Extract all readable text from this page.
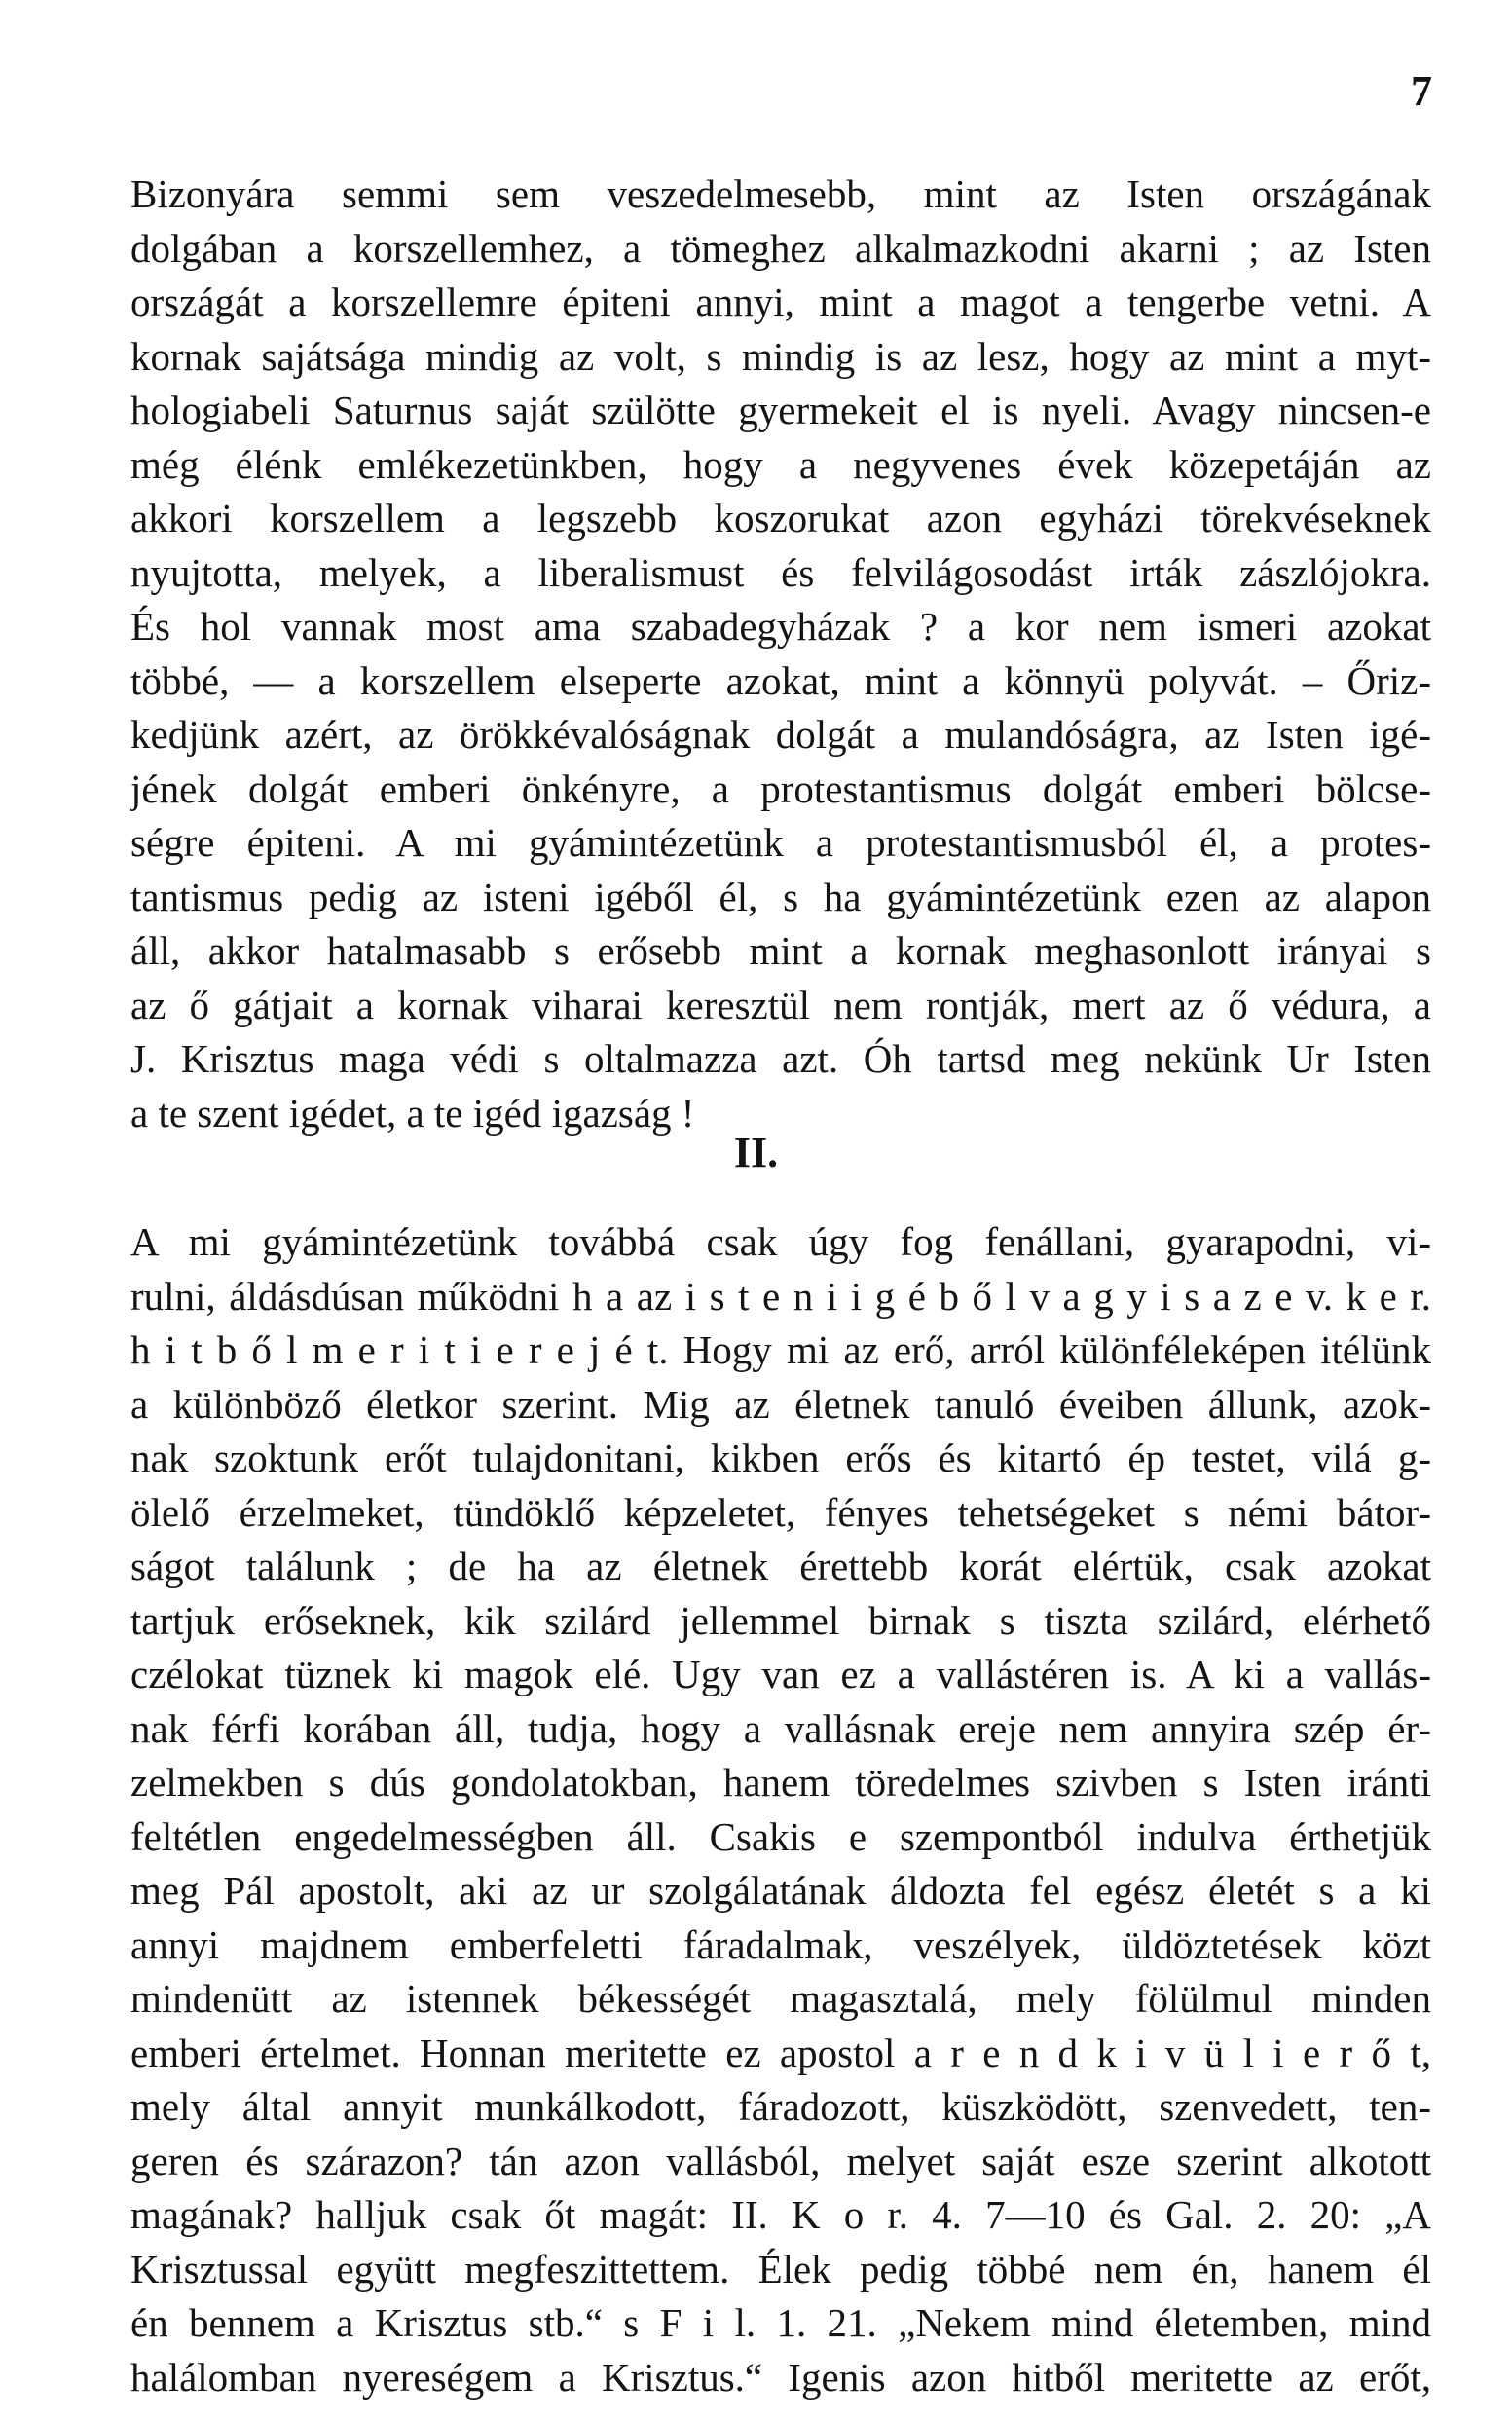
7
Bizonyára semmi sem veszedelmesebb, mint az Isten országának
dolgában a korszellemhez, a tömeghez alkalmazkodni akarni ; az Isten
országát a korszellemre épiteni annyi, mint a magot a tengerbe vetni. A
kornak sajátsága mindig az volt, s mindig is az lesz, hogy az mint a myt-
hologiabeli Saturnus saját szülötte gyermekeit el is nyeli. Avagy nincsen-e
még élénk emlékezetünkben, hogy a negyvenes évek közepetáján az
akkori korszellem a legszebb koszorukat azon egyházi törekvéseknek
nyujtotta, melyek, a liberalismust és felvilágosodást irták zászlójokra.
És hol vannak most ama szabadegyházak ? a kor nem ismeri azokat
többé, — a korszellem elseperte azokat, mint a könnyü polyvát. – Őriz-
kedjünk azért, az örökkévalóságnak dolgát a mulandóságra, az Isten igé-
jének dolgát emberi önkényre, a protestantismus dolgát emberi bölcse-
ségre épiteni. A mi gyámintézetünk a protestantismusból él, a protes-
tantismus pedig az isteni igéből él, s ha gyámintézetünk ezen az alapon
áll, akkor hatalmasabb s erősebb mint a kornak meghasonlott irányai s
az ő gátjait a kornak viharai keresztül nem rontják, mert az ő védura, a
J. Krisztus maga védi s oltalmazza azt. Óh tartsd meg nekünk Ur Isten
a te szent igédet, a te igéd igazság !
II.
A mi gyámintézetünk továbbá csak úgy fog fenállani, gyarapodni, vi-
rulni, áldásdúsan működni h a az i s t e n i i g é b ő l v a g y i s a z e v. k e r.
h i t b ő l m e r i t i e r e j é t. Hogy mi az erő, arról különféleképen itélünk
a különböző életkor szerint. Mig az életnek tanuló éveiben állunk, azok-
nak szoktunk erőt tulajdonitani, kikben erős és kitartó ép testet, vilá g-
ölelő érzelmeket, tündöklő képzeletet, fényes tehetségeket s némi bátor-
ságot találunk ; de ha az életnek érettebb korát elértük, csak azokat
tartjuk erőseknek, kik szilárd jellemmel birnak s tiszta szilárd, elérhető
czélokat tüznek ki magok elé. Ugy van ez a vallástéren is. A ki a vallás-
nak férfi korában áll, tudja, hogy a vallásnak ereje nem annyira szép ér-
zelmekben s dús gondolatokban, hanem töredelmes szivben s Isten iránti
feltétlen engedelmességben áll. Csakis e szempontból indulva érthetjük
meg Pál apostolt, aki az ur szolgálatának áldozta fel egész életét s a ki
annyi majdnem emberfeletti fáradalmak, veszélyek, üldöztetések közt
mindenütt az istennek békességét magasztalá, mely fölülmul minden
emberi értelmet. Honnan meritette ez apostol a r e n d k i v ü l i e r ő t,
mely által annyit munkálkodott, fáradozott, küszködött, szenvedett, ten-
geren és szárazon? tán azon vallásból, melyet saját esze szerint alkotott
magának? halljuk csak őt magát: II. K o r. 4. 7—10 és Gal. 2. 20: „A
Krisztussal együtt megfeszittettem. Élek pedig többé nem én, hanem él
én bennem a Krisztus stb.“ s F i l. 1. 21. „Nekem mind életemben, mind
halálomban nyereségem a Krisztus.“ Igenis azon hitből meritette az erőt,
